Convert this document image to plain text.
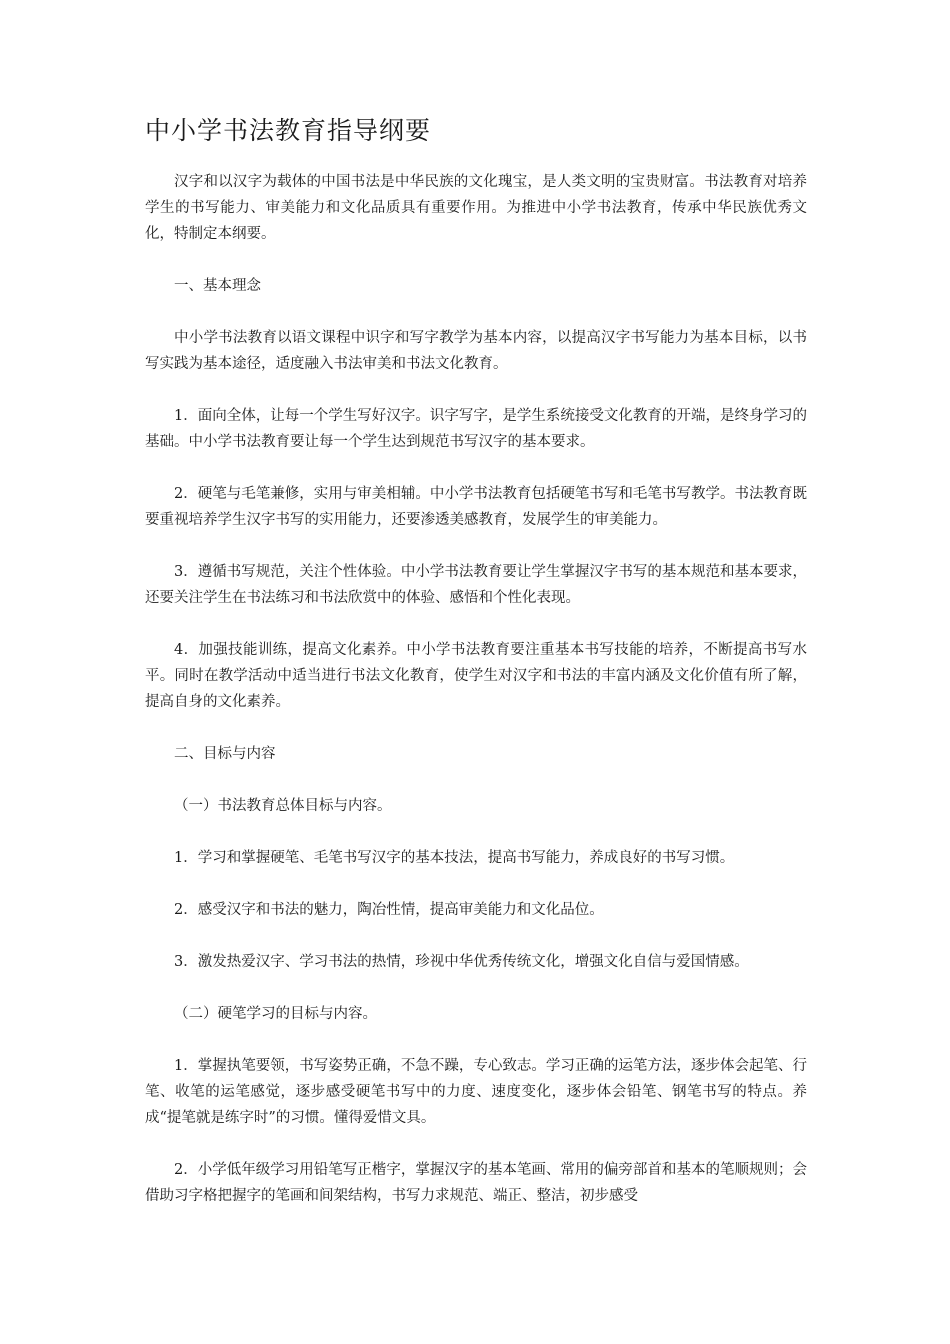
中小学书法教育指导纲要

汉字和以汉字为载体的中国书法是中华民族的文化瑰宝，是人类文明的宝贵财富。书法教育对培养学生的书写能力、审美能力和文化品质具有重要作用。为推进中小学书法教育，传承中华民族优秀文化，特制定本纲要。

一、基本理念

中小学书法教育以语文课程中识字和写字教学为基本内容，以提高汉字书写能力为基本目标，以书写实践为基本途径，适度融入书法审美和书法文化教育。

1．面向全体，让每一个学生写好汉字。识字写字，是学生系统接受文化教育的开端，是终身学习的基础。中小学书法教育要让每一个学生达到规范书写汉字的基本要求。

2．硬笔与毛笔兼修，实用与审美相辅。中小学书法教育包括硬笔书写和毛笔书写教学。书法教育既要重视培养学生汉字书写的实用能力，还要渗透美感教育，发展学生的审美能力。

3．遵循书写规范，关注个性体验。中小学书法教育要让学生掌握汉字书写的基本规范和基本要求，还要关注学生在书法练习和书法欣赏中的体验、感悟和个性化表现。

4．加强技能训练，提高文化素养。中小学书法教育要注重基本书写技能的培养，不断提高书写水平。同时在教学活动中适当进行书法文化教育，使学生对汉字和书法的丰富内涵及文化价值有所了解，提高自身的文化素养。

二、目标与内容

（一）书法教育总体目标与内容。

1．学习和掌握硬笔、毛笔书写汉字的基本技法，提高书写能力，养成良好的书写习惯。

2．感受汉字和书法的魅力，陶冶性情，提高审美能力和文化品位。

3．激发热爱汉字、学习书法的热情，珍视中华优秀传统文化，增强文化自信与爱国情感。

（二）硬笔学习的目标与内容。

1．掌握执笔要领，书写姿势正确，不急不躁，专心致志。学习正确的运笔方法，逐步体会起笔、行笔、收笔的运笔感觉，逐步感受硬笔书写中的力度、速度变化，逐步体会铅笔、钢笔书写的特点。养成“提笔就是练字时”的习惯。懂得爱惜文具。

2．小学低年级学习用铅笔写正楷字，掌握汉字的基本笔画、常用的偏旁部首和基本的笔顺规则；会借助习字格把握字的笔画和间架结构，书写力求规范、端正、整洁，初步感受
